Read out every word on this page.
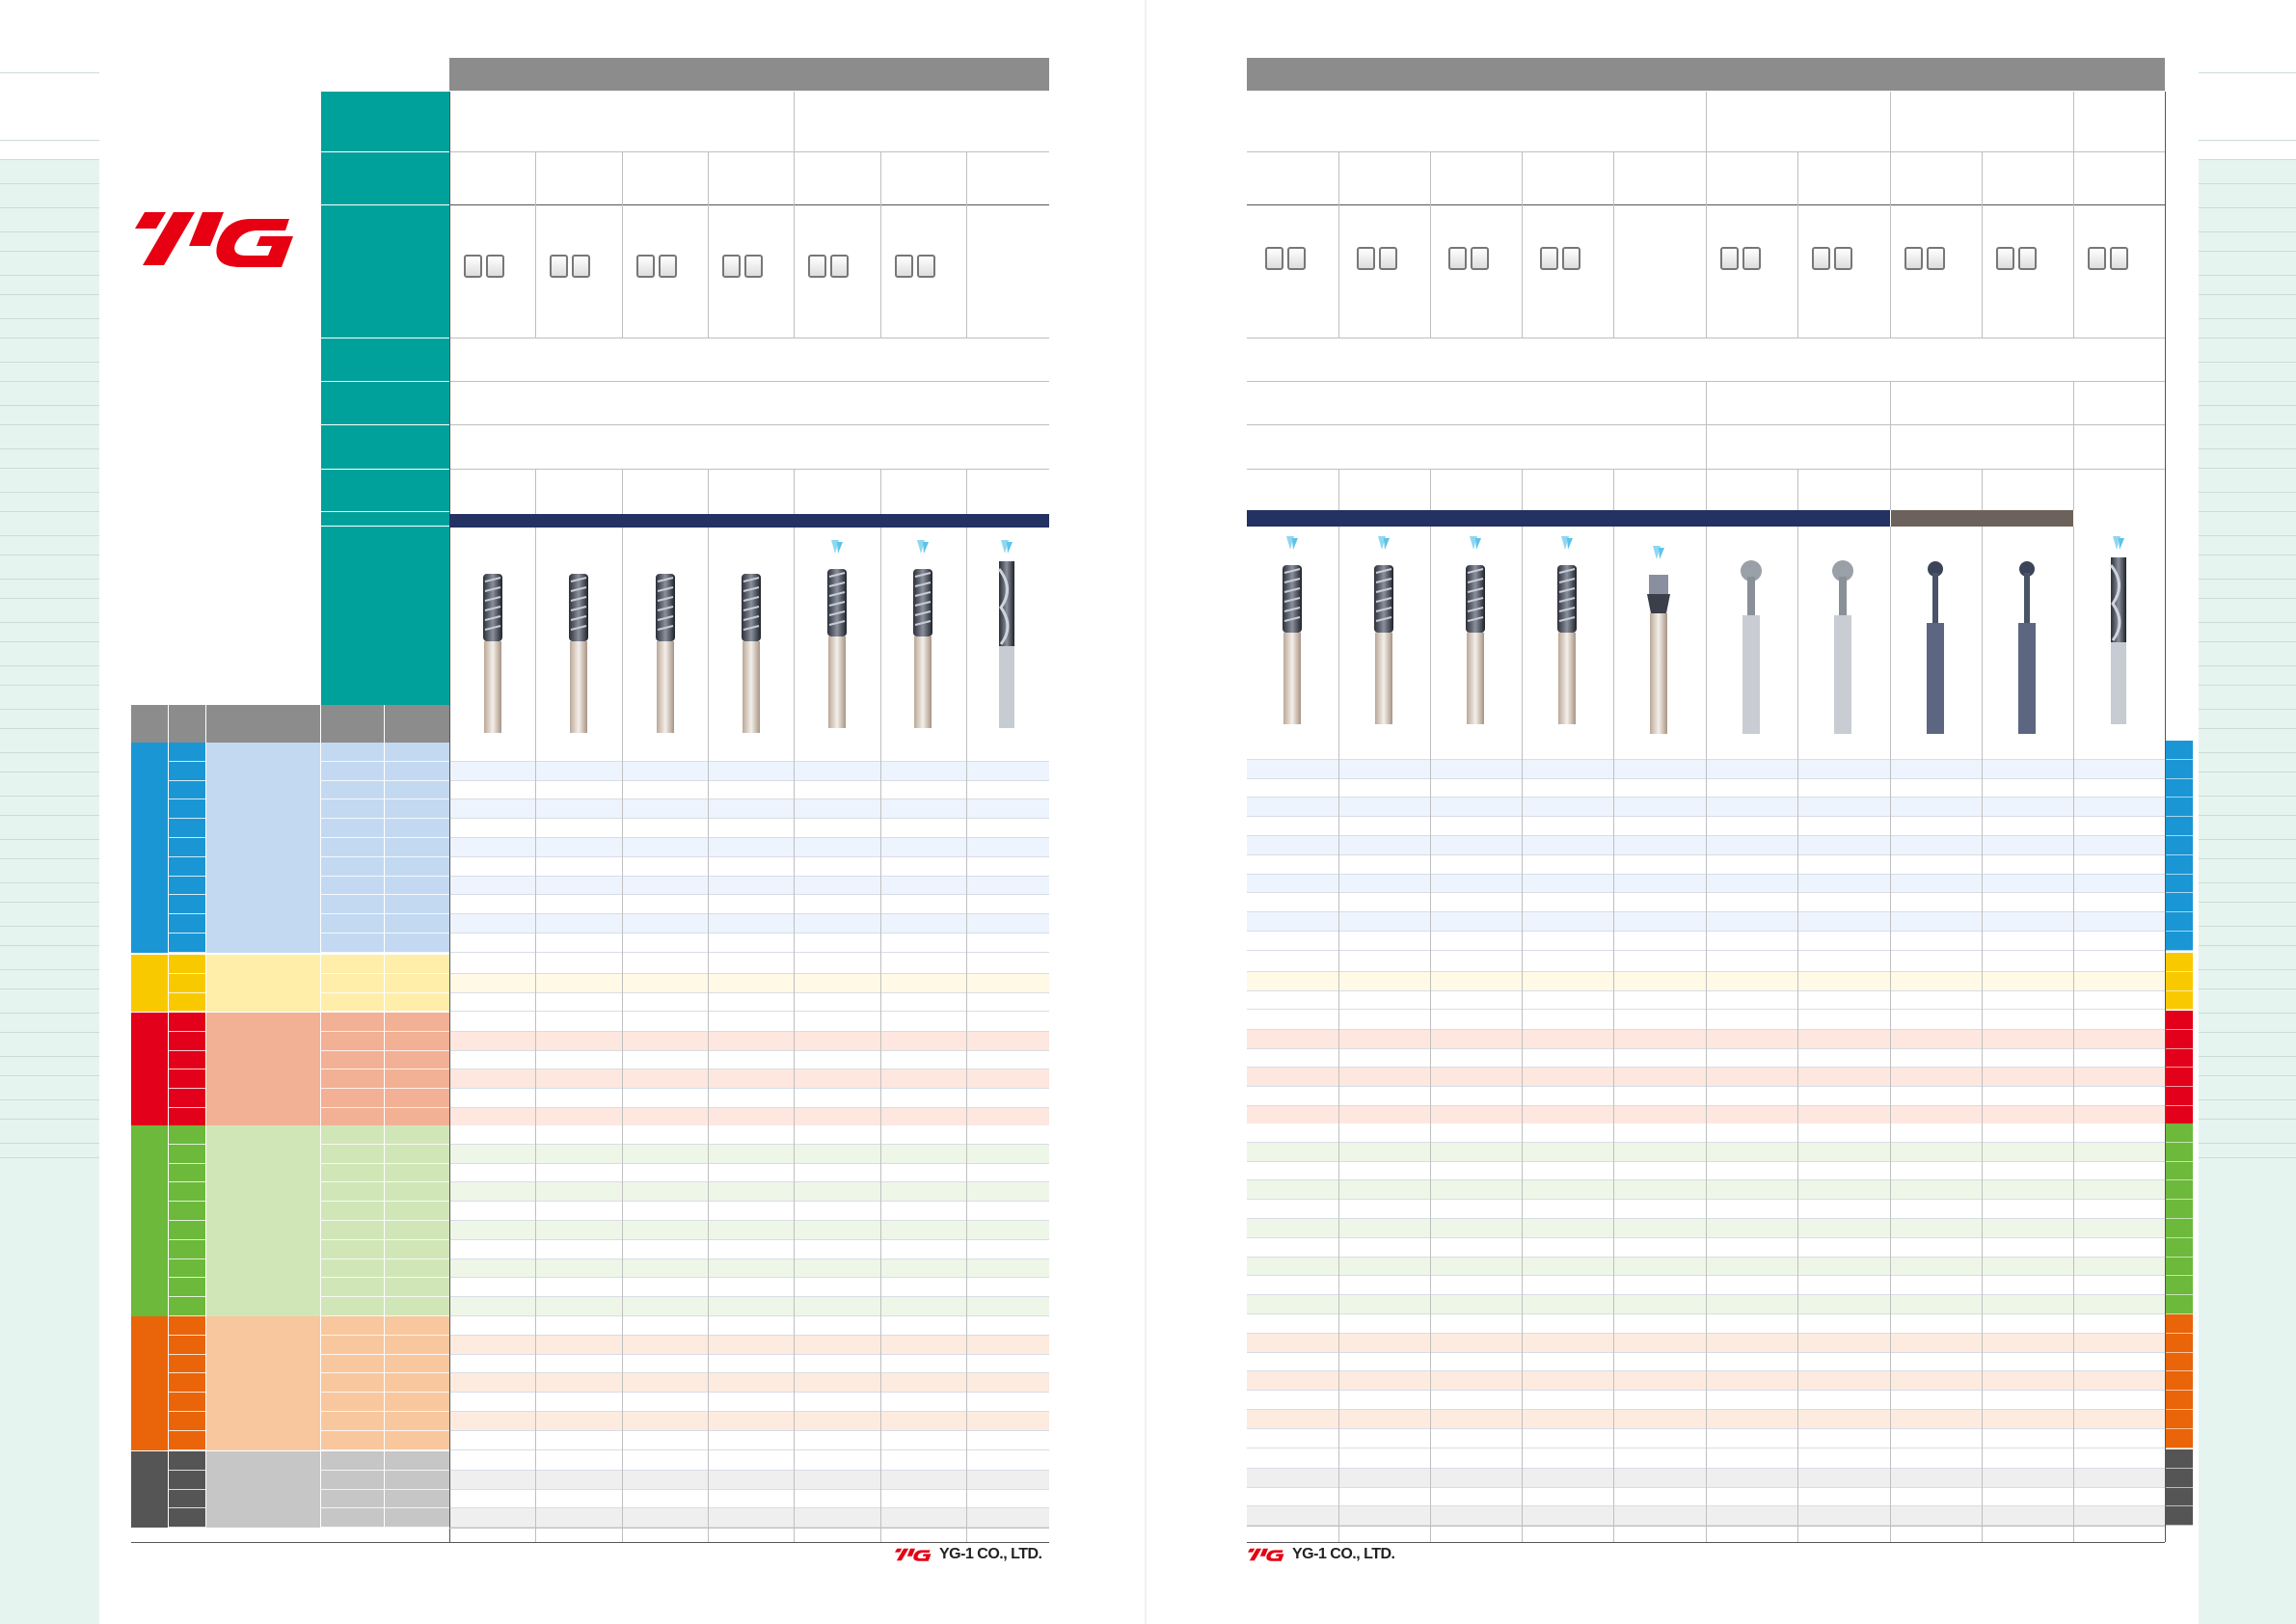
YG-1 CO., LTD.	YG-1 CO., LTD.
